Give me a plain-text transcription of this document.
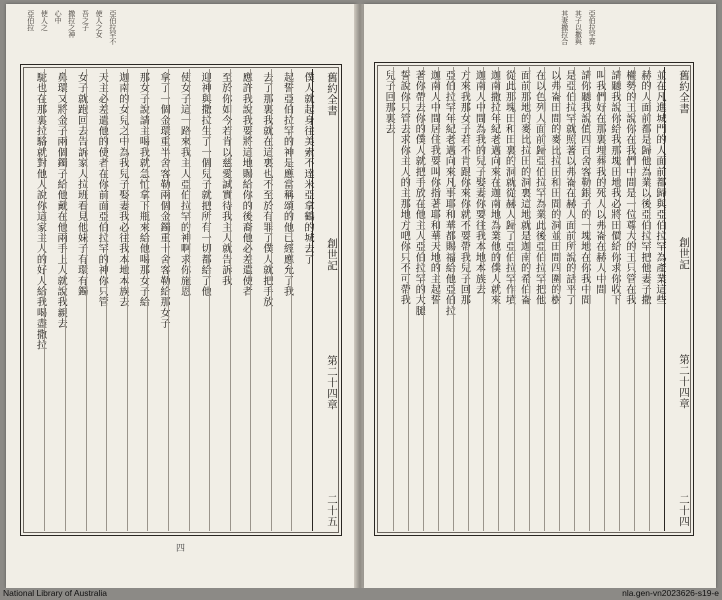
亞伯拉罕不
使人之女
吾之子
撒拉之神
心中
使人之
亞伯拉
舊約全書
創世記
第二十四章
二十五
僕人就起身往美索不達米亞拿鶴的城去了
起誓亞伯拉罕的神是應當稱頌的他已經應允了我
去了那裏我就在這裏也不至於有罪了僕人就把手放
應許我說我要將這地賜給你的後裔他必差遣使者
至於你如今若肯以慈愛誠實待我主人就告訴我
迎神與撒拉生了一個兒子就把所有一切都給了他
使女子這一路來我主人亞伯拉罕的神啊求你施恩
拿了一個金環重半舍客勒兩個金鐲重十舍客勒給那女子
那女子說請主喝我就急忙拿下瓶來給他喝那女子給
迦南的女兒之中為我兒子娶妻我必往我本地本族去
天主必差遣他的使者在你前面亞伯拉罕的神你只管
女子就跑回去告訴家人拉班看見他妹子有環有鐲
鼻環又將金子兩個鐲子給他戴在他兩手上人就說我親去
駝也在那裏拉駱就對他人說你這家主人的好人給我喝盡撒拉
四
亞伯拉罕葬
其子以撒與
其妻撒拉合
舊約全書
創世記
第二十四章
二十四
並在凡進城門的人面前都歸與亞伯拉罕為產業這些
赫的人面前都是歸他為業以後亞伯拉罕把他妻子撒
權勢的王說你在我們中間是一位尊大的王只管在我
請聽我說你給我那塊田地我必將田價給你求你收下
叫我們好在那裏埋葬我的死人以弗崙在赫人中間
請你聽我說值四百舍客勒銀子的一塊地在你我中間
是亞伯拉罕就照著以弗崙在赫人面前所說的話平了
以弗崙田間的麥比拉田和田間的洞並田間四圍的樹
在以色列人面前歸亞伯拉罕為業此後亞伯拉罕把他
面前那地的麥比拉田的洞裏這地就是迦南的希伯崙
從此那塊田和田裏的洞就從赫人歸了亞伯拉罕作墳
迦南撒拉年紀老邁向來在迦南地為業他的僕人就來
迦南人中間為我的兒子娶妻你要往我本地本族去
方來我那女子若不肯跟你來你就不要帶我兒子回那
亞伯拉罕年紀老邁向來凡事耶和華都賜福給他亞伯拉
迦南人中間居住我要叫你指著耶和華天地的主起誓
著你帶去你的僕人就把手放在他主人亞伯拉罕的大腿
誓說你只管去求你主人的主那地方吧你只不可帶我
兒子回那裏去
National Library of Australia	nla.gen-vn2023626-s19-e
